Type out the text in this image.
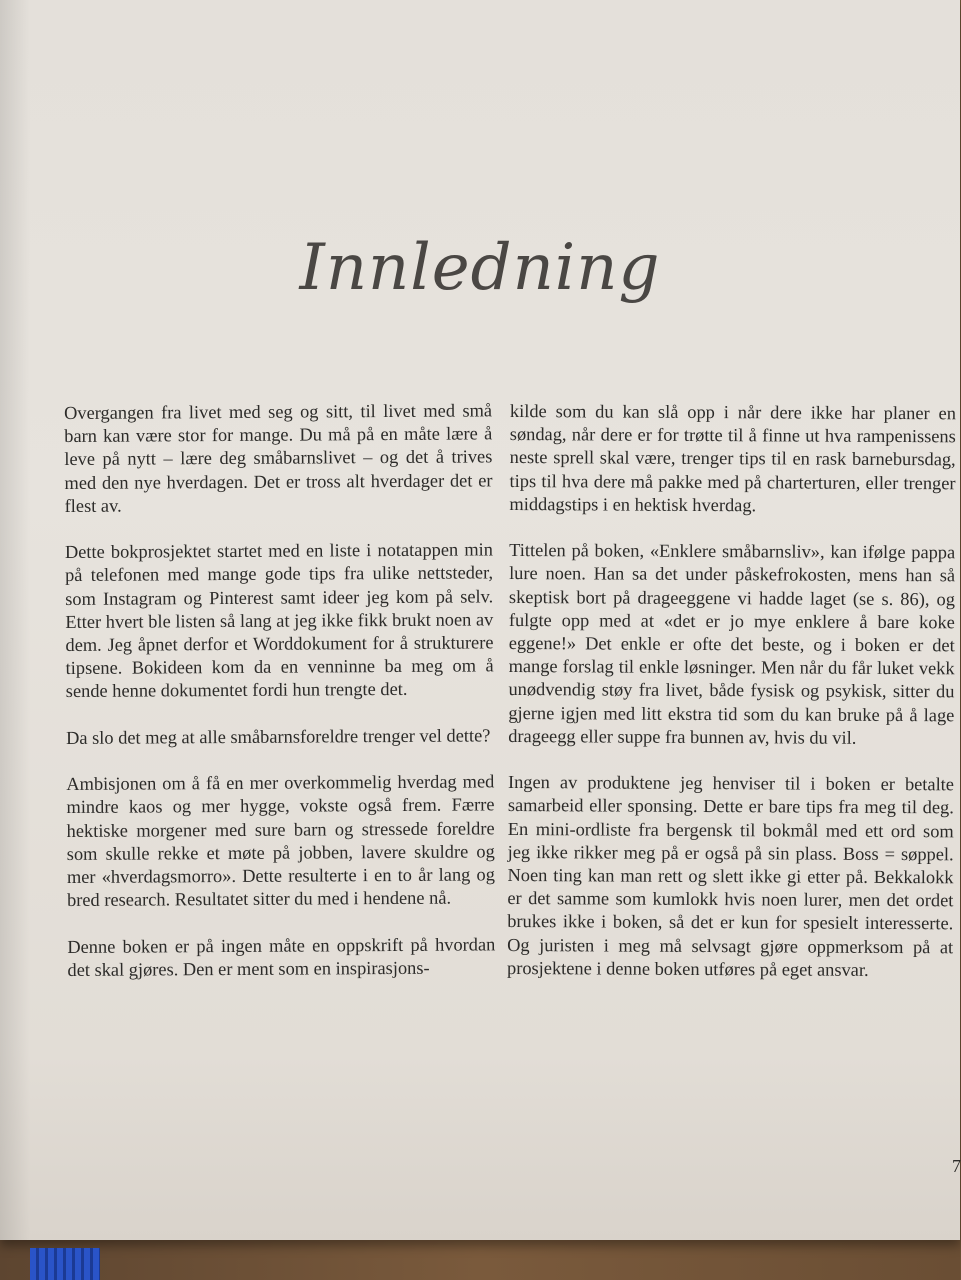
Innledning

Overgangen fra livet med seg og sitt, til livet med små barn kan være stor for mange. Du må på en måte lære å leve på nytt – lære deg småbarnslivet – og det å trives med den nye hverdagen. Det er tross alt hverdager det er flest av.

Dette bokprosjektet startet med en liste i notatappen min på telefonen med mange gode tips fra ulike nettsteder, som Instagram og Pinterest samt ideer jeg kom på selv. Etter hvert ble listen så lang at jeg ikke fikk brukt noen av dem. Jeg åpnet derfor et Worddokument for å strukturere tipsene. Bokideen kom da en venninne ba meg om å sende henne dokumentet fordi hun trengte det.

Da slo det meg at alle småbarnsforeldre trenger vel dette?

Ambisjonen om å få en mer overkommelig hverdag med mindre kaos og mer hygge, vokste også frem. Færre hektiske morgener med sure barn og stressede foreldre som skulle rekke et møte på jobben, lavere skuldre og mer «hverdagsmorro». Dette resulterte i en to år lang og bred research. Resultatet sitter du med i hendene nå.

Denne boken er på ingen måte en oppskrift på hvordan det skal gjøres. Den er ment som en inspirasjons-

kilde som du kan slå opp i når dere ikke har planer en søndag, når dere er for trøtte til å finne ut hva rampenissens neste sprell skal være, trenger tips til en rask barnebursdag, tips til hva dere må pakke med på charterturen, eller trenger middagstips i en hektisk hverdag.

Tittelen på boken, «Enklere småbarnsliv», kan ifølge pappa lure noen. Han sa det under påskefrokosten, mens han så skeptisk bort på drageeggene vi hadde laget (se s. 86), og fulgte opp med at «det er jo mye enklere å bare koke eggene!» Det enkle er ofte det beste, og i boken er det mange forslag til enkle løsninger. Men når du får luket vekk unødvendig støy fra livet, både fysisk og psykisk, sitter du gjerne igjen med litt ekstra tid som du kan bruke på å lage drageegg eller suppe fra bunnen av, hvis du vil.

Ingen av produktene jeg henviser til i boken er betalte samarbeid eller sponsing. Dette er bare tips fra meg til deg. En mini-ordliste fra bergensk til bokmål med ett ord som jeg ikke rikker meg på er også på sin plass. Boss = søppel. Noen ting kan man rett og slett ikke gi etter på. Bekkalokk er det samme som kumlokk hvis noen lurer, men det ordet brukes ikke i boken, så det er kun for spesielt interesserte. Og juristen i meg må selvsagt gjøre oppmerksom på at prosjektene i denne boken utføres på eget ansvar.

7
